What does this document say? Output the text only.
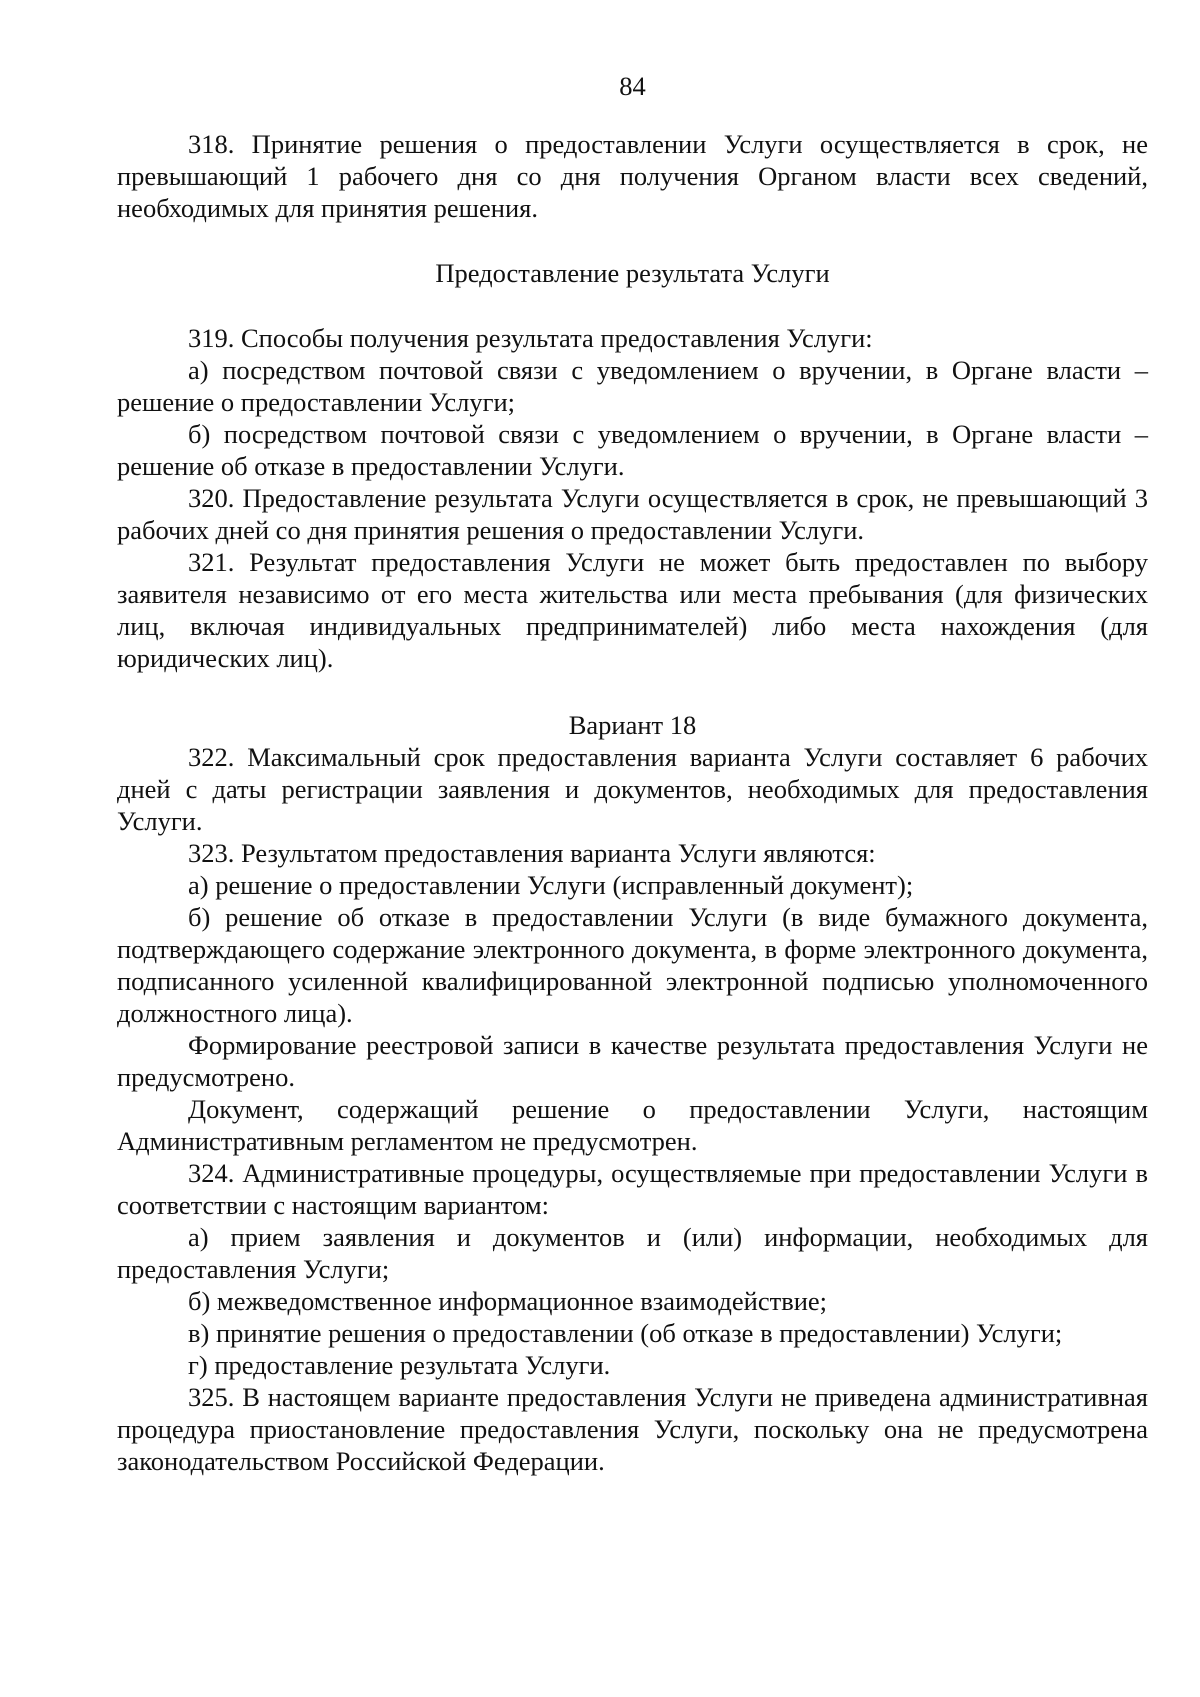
84

318. Принятие решения о предоставлении Услуги осуществляется в срок, не превышающий 1 рабочего дня со дня получения Органом власти всех сведений, необходимых для принятия решения.

Предоставление результата Услуги

319. Способы получения результата предоставления Услуги:

а) посредством почтовой связи с уведомлением о вручении, в Органе власти – решение о предоставлении Услуги;

б) посредством почтовой связи с уведомлением о вручении, в Органе власти – решение об отказе в предоставлении Услуги.

320. Предоставление результата Услуги осуществляется в срок, не превышающий 3 рабочих дней со дня принятия решения о предоставлении Услуги.

321. Результат предоставления Услуги не может быть предоставлен по выбору заявителя независимо от его места жительства или места пребывания (для физических лиц, включая индивидуальных предпринимателей) либо места нахождения (для юридических лиц).

Вариант 18

322. Максимальный срок предоставления варианта Услуги составляет 6 рабочих дней с даты регистрации заявления и документов, необходимых для предоставления Услуги.

323. Результатом предоставления варианта Услуги являются:

а) решение о предоставлении Услуги (исправленный документ);

б) решение об отказе в предоставлении Услуги (в виде бумажного документа, подтверждающего содержание электронного документа, в форме электронного документа, подписанного усиленной квалифицированной электронной подписью уполномоченного должностного лица).

Формирование реестровой записи в качестве результата предоставления Услуги не предусмотрено.

Документ, содержащий решение о предоставлении Услуги, настоящим Административным регламентом не предусмотрен.

324. Административные процедуры, осуществляемые при предоставлении Услуги в соответствии с настоящим вариантом:

а) прием заявления и документов и (или) информации, необходимых для предоставления Услуги;

б) межведомственное информационное взаимодействие;

в) принятие решения о предоставлении (об отказе в предоставлении) Услуги;

г) предоставление результата Услуги.

325. В настоящем варианте предоставления Услуги не приведена административная процедура приостановление предоставления Услуги, поскольку она не предусмотрена законодательством Российской Федерации.
